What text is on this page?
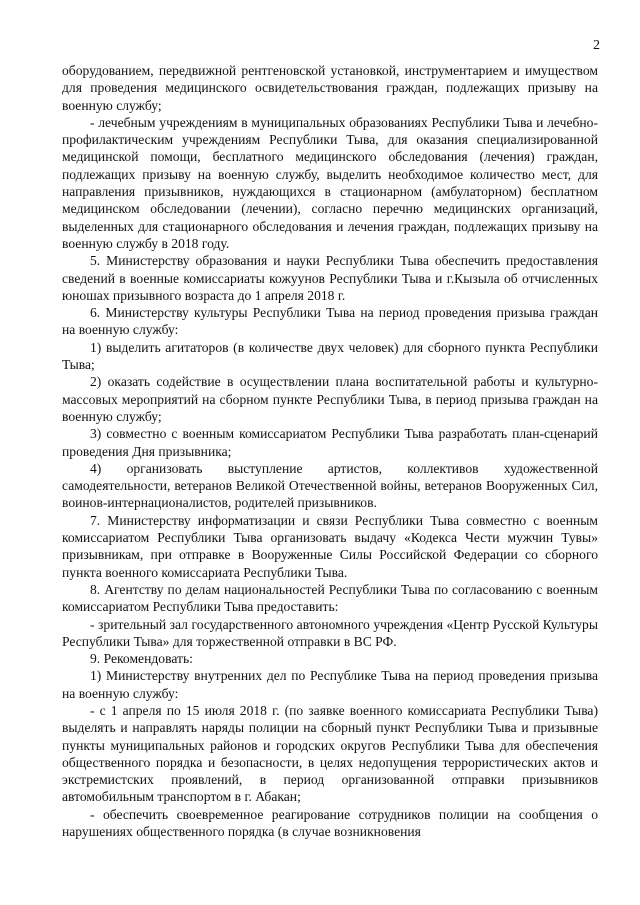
2

оборудованием, передвижной рентгеновской установкой, инструментарием и имуществом для проведения медицинского освидетельствования граждан, подлежащих призыву на военную службу;

- лечебным учреждениям в муниципальных образованиях Республики Тыва и лечебно-профилактическим учреждениям Республики Тыва, для оказания специализированной медицинской помощи, бесплатного медицинского обследования (лечения) граждан, подлежащих призыву на военную службу, выделить необходимое количество мест, для направления призывников, нуждающихся в стационарном (амбулаторном) бесплатном медицинском обследовании (лечении), согласно перечню медицинских организаций, выделенных для стационарного обследования и лечения граждан, подлежащих призыву на военную службу в 2018 году.

5. Министерству образования и науки Республики Тыва обеспечить предоставления сведений в военные комиссариаты кожуунов Республики Тыва и г.Кызыла об отчисленных юношах призывного возраста до 1 апреля 2018 г.

6. Министерству культуры Республики Тыва на период проведения призыва граждан на военную службу:

1) выделить агитаторов (в количестве двух человек) для сборного пункта Республики Тыва;

2) оказать содействие в осуществлении плана воспитательной работы и культурно-массовых мероприятий на сборном пункте Республики Тыва, в период призыва граждан на военную службу;

3) совместно с военным комиссариатом Республики Тыва разработать план-сценарий проведения Дня призывника;

4) организовать выступление артистов, коллективов художественной самодеятельности, ветеранов Великой Отечественной войны, ветеранов Вооруженных Сил, воинов-интернационалистов, родителей призывников.

7. Министерству информатизации и связи Республики Тыва совместно с военным комиссариатом Республики Тыва организовать выдачу «Кодекса Чести мужчин Тувы» призывникам, при отправке в Вооруженные Силы Российской Федерации со сборного пункта военного комиссариата Республики Тыва.

8. Агентству по делам национальностей Республики Тыва по согласованию с военным комиссариатом Республики Тыва предоставить:

- зрительный зал государственного автономного учреждения «Центр Русской Культуры Республики Тыва» для торжественной отправки в ВС РФ.

9. Рекомендовать:

1) Министерству внутренних дел по Республике Тыва на период проведения призыва на военную службу:

- с 1 апреля по 15 июля 2018 г. (по заявке военного комиссариата Республики Тыва) выделять и направлять наряды полиции на сборный пункт Республики Тыва и призывные пункты муниципальных районов и городских округов Республики Тыва для обеспечения общественного порядка и безопасности, в целях недопущения террористических актов и экстремистских проявлений, в период организованной отправки призывников автомобильным транспортом в г. Абакан;

- обеспечить своевременное реагирование сотрудников полиции на сообщения о нарушениях общественного порядка (в случае возникновения
